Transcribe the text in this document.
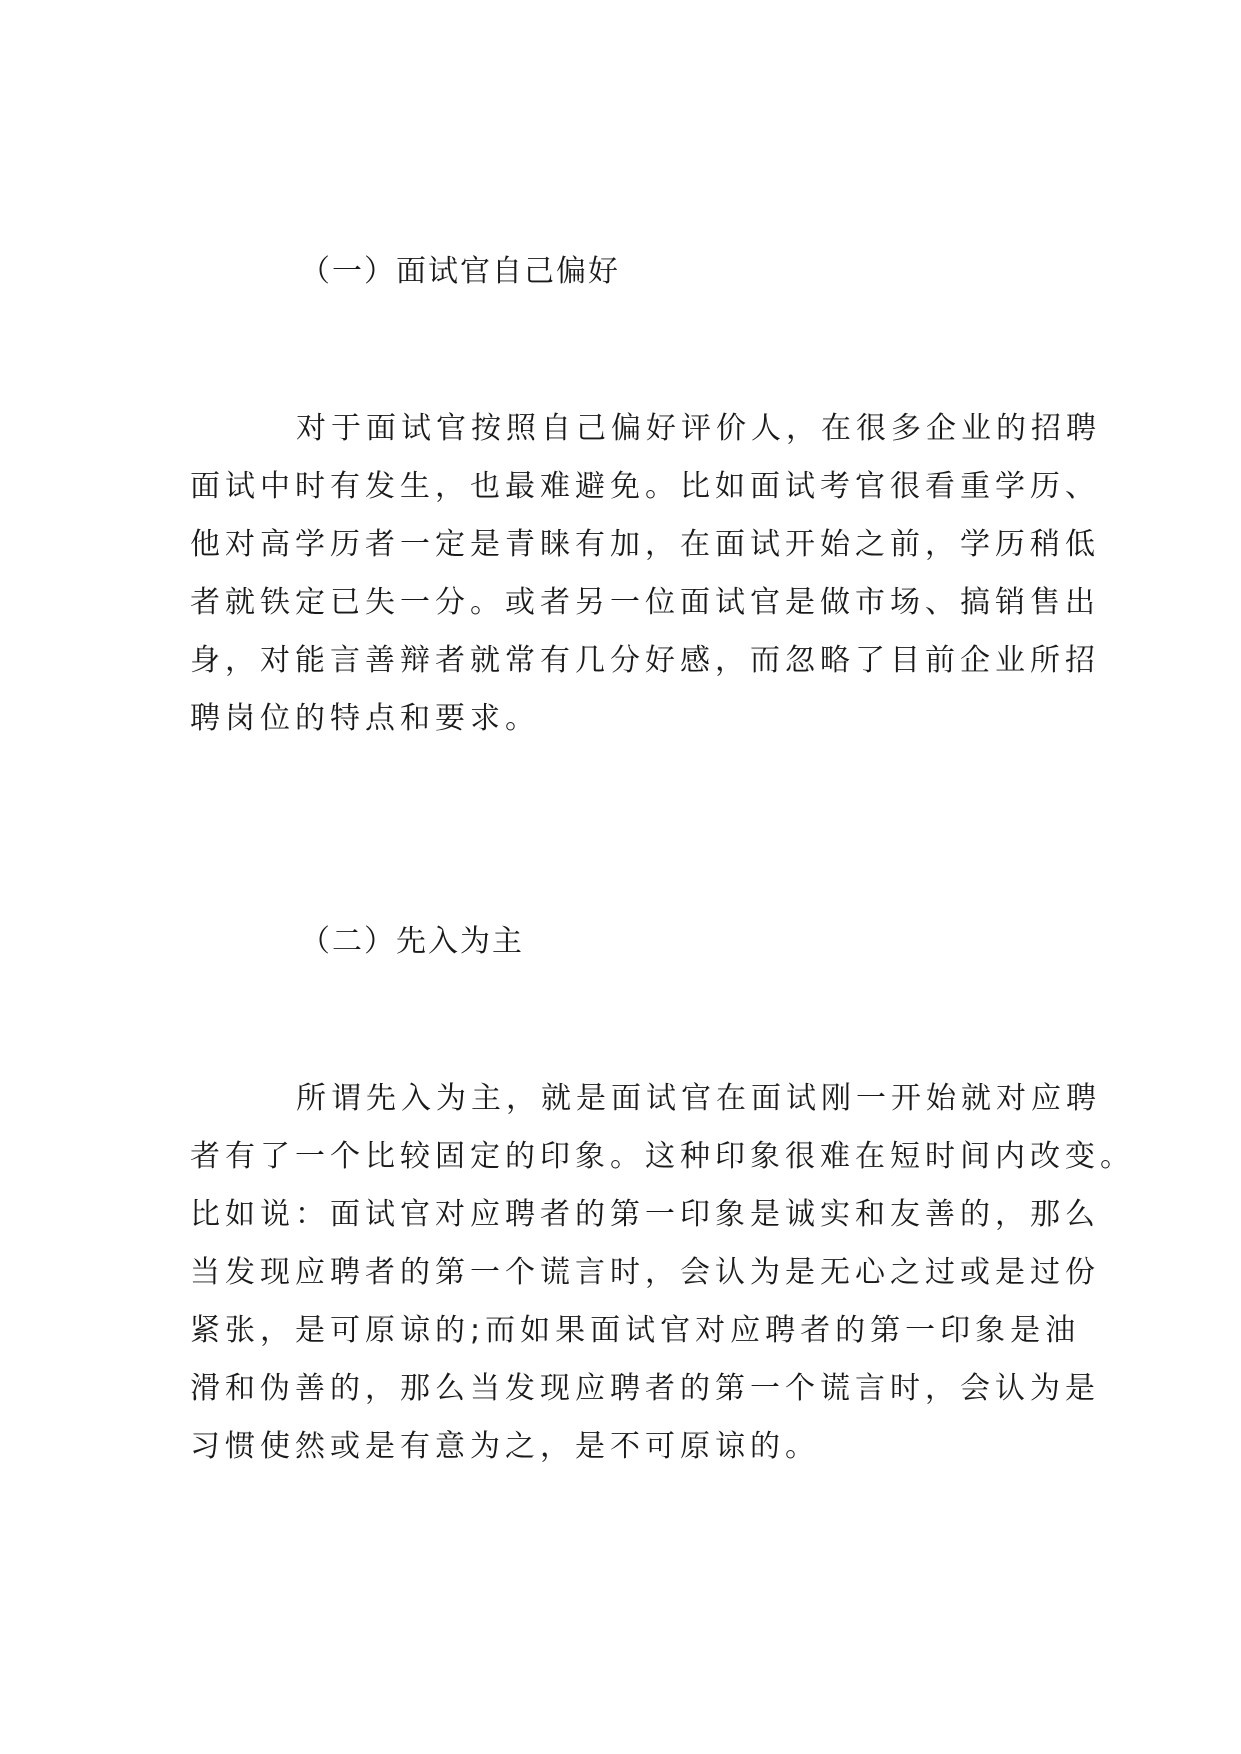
（一）面试官自己偏好
对于面试官按照自己偏好评价人，在很多企业的招聘
面试中时有发生，也最难避免。比如面试考官很看重学历、
他对高学历者一定是青睐有加，在面试开始之前，学历稍低
者就铁定已失一分。或者另一位面试官是做市场、搞销售出
身，对能言善辩者就常有几分好感，而忽略了目前企业所招
聘岗位的特点和要求。
（二）先入为主
所谓先入为主，就是面试官在面试刚一开始就对应聘
者有了一个比较固定的印象。这种印象很难在短时间内改变。
比如说：面试官对应聘者的第一印象是诚实和友善的，那么
当发现应聘者的第一个谎言时，会认为是无心之过或是过份
紧张，是可原谅的;而如果面试官对应聘者的第一印象是油
滑和伪善的，那么当发现应聘者的第一个谎言时，会认为是
习惯使然或是有意为之，是不可原谅的。
